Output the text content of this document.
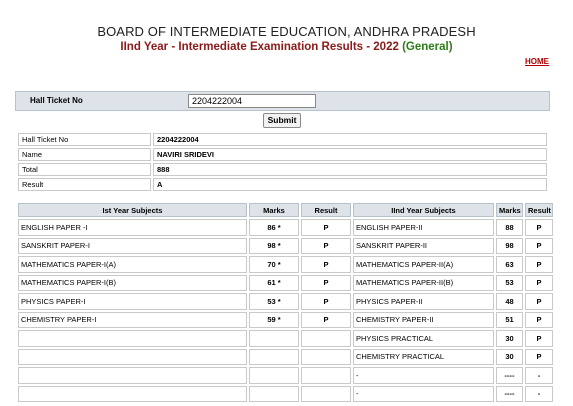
BOARD OF INTERMEDIATE EDUCATION, ANDHRA PRADESH
IInd Year - Intermediate Examination Results - 2022 (General)
HOME
Hall Ticket No
2204222004
Submit
Hall Ticket No	2204222004
Name	NAVIRI SRIDEVI
Total	888
Result	A
Ist Year Subjects	Marks	Result	IInd Year Subjects	Marks	Result
ENGLISH PAPER -I	86 *	P	ENGLISH PAPER-II	88	P
SANSKRIT PAPER-I	98 *	P	SANSKRIT PAPER-II	98	P
MATHEMATICS PAPER-I(A)	70 *	P	MATHEMATICS PAPER-II(A)	63	P
MATHEMATICS PAPER-I(B)	61 *	P	MATHEMATICS PAPER-II(B)	53	P
PHYSICS PAPER-I	53 *	P	PHYSICS PAPER-II	48	P
CHEMISTRY PAPER-I	59 *	P	CHEMISTRY PAPER-II	51	P
			PHYSICS PRACTICAL	30	P
			CHEMISTRY PRACTICAL	30	P
			-	----	-
			-	----	-
